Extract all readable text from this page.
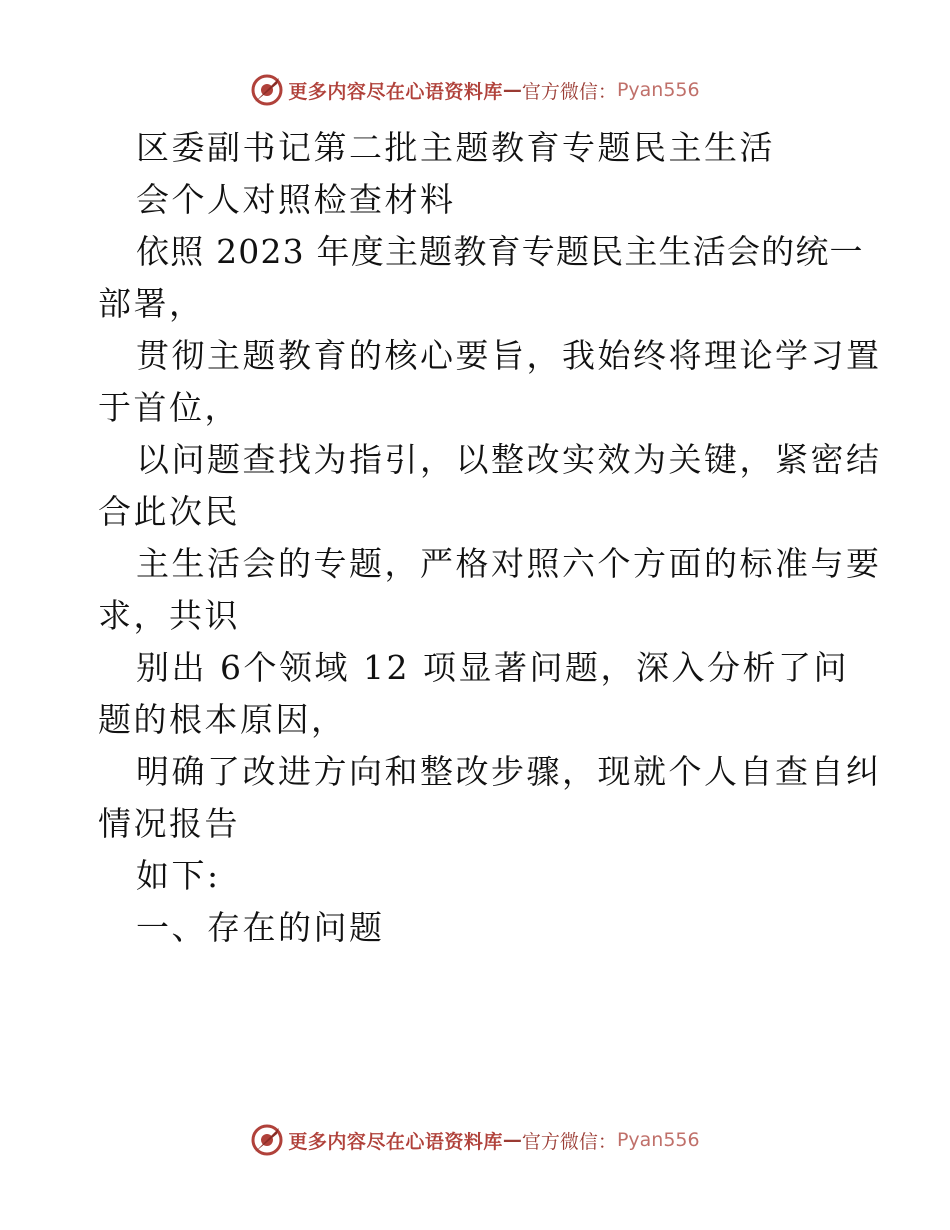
更多内容尽在心语资料库 — 官方微信： Pyan556
区委副书记第二批主题教育专题民主生活
会个人对照检查材料
依照 2023 年度主题教育专题民主生活会的统一
部署，
贯彻主题教育的核心要旨，我始终将理论学习置
于首位，
以问题查找为指引，以整改实效为关键，紧密结
合此次民
主生活会的专题，严格对照六个方面的标准与要
求，共识
别出 6个领域 12 项显著问题，深入分析了问
题的根本原因，
明确了改进方向和整改步骤，现就个人自查自纠
情况报告
如下:
一、存在的问题
更多内容尽在心语资料库 — 官方微信： Pyan556
